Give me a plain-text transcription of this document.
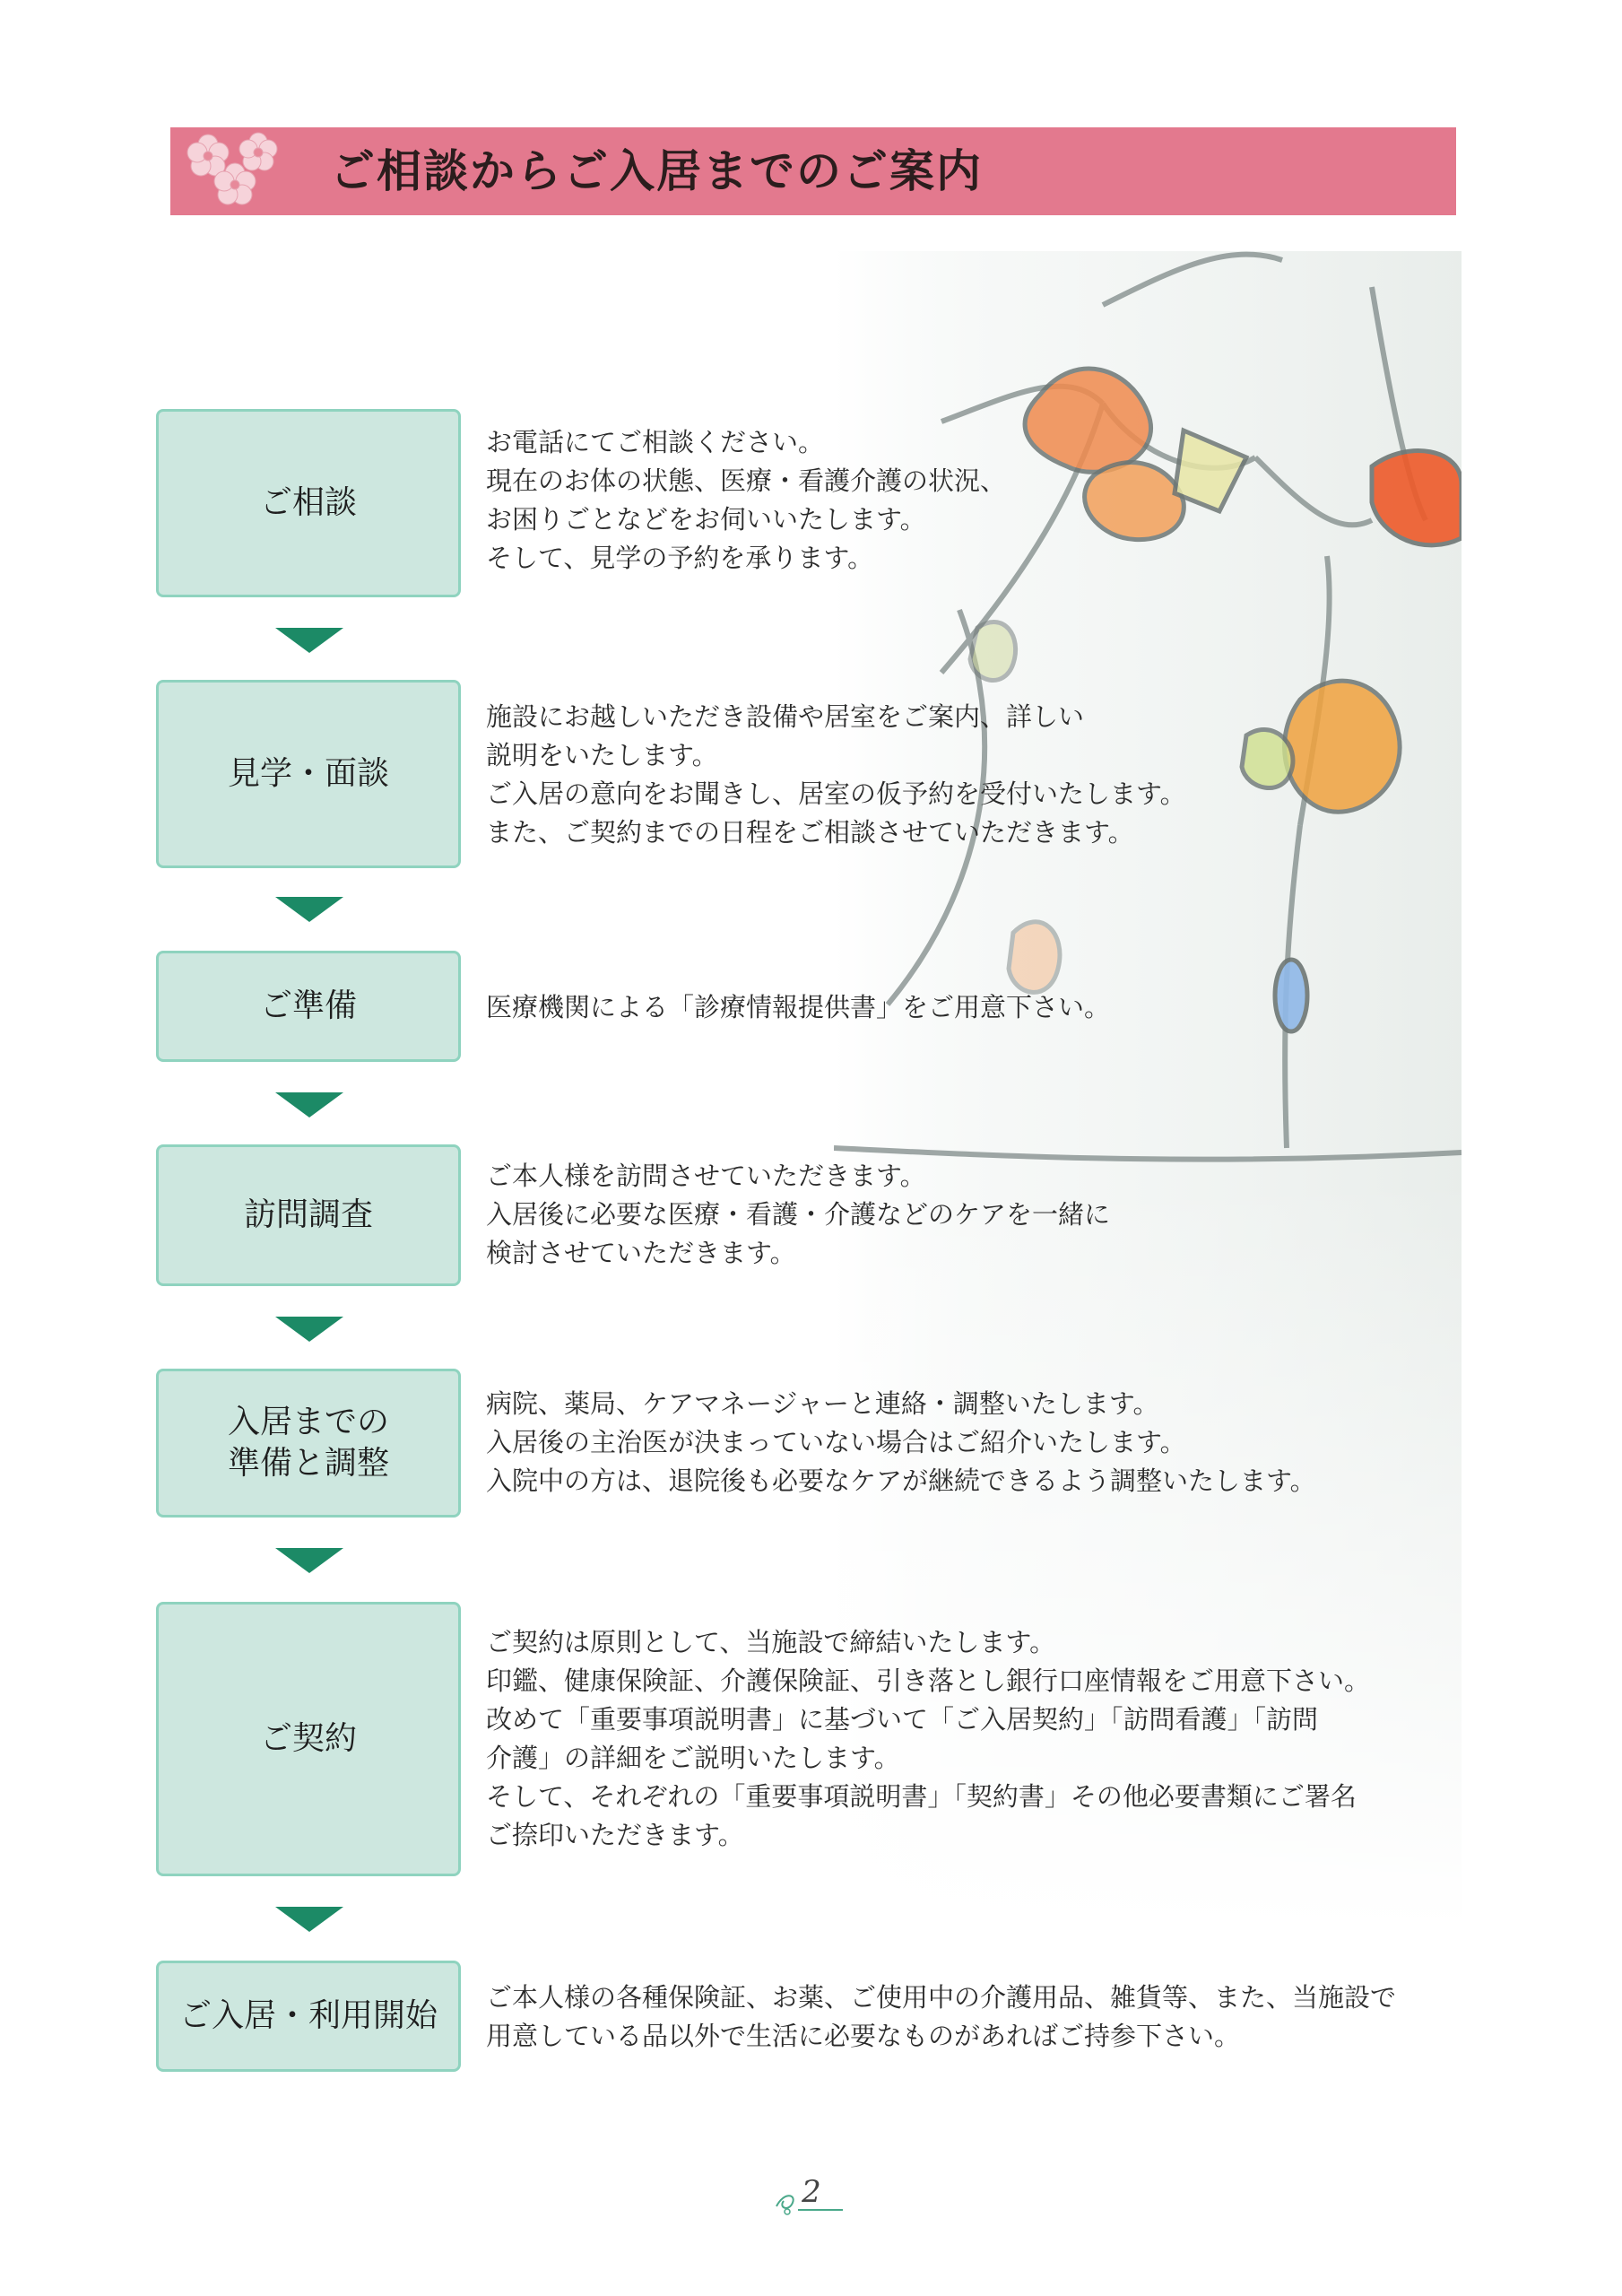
ご相談からご入居までのご案内
ご相談
お電話にてご相談ください。
現在のお体の状態、医療・看護介護の状況、
お困りごとなどをお伺いいたします。
そして、見学の予約を承ります。
見学・面談
施設にお越しいただき設備や居室をご案内、詳しい
説明をいたします。
ご入居の意向をお聞きし、居室の仮予約を受付いたします。
また、ご契約までの日程をご相談させていただきます。
ご準備	医療機関による「診療情報提供書」をご用意下さい。
訪問調査
ご本人様を訪問させていただきます。
入居後に必要な医療・看護・介護などのケアを一緒に
検討させていただきます。
入居までの
準備と調整
病院、薬局、ケアマネージャーと連絡・調整いたします。
入居後の主治医が決まっていない場合はご紹介いたします。
入院中の方は、退院後も必要なケアが継続できるよう調整いたします。
ご契約
ご契約は原則として、当施設で締結いたします。
印鑑、健康保険証、介護保険証、引き落とし銀行口座情報をご用意下さい。
改めて「重要事項説明書」に基づいて「ご入居契約」「訪問看護」「訪問
介護」の詳細をご説明いたします。
そして、それぞれの「重要事項説明書」「契約書」その他必要書類にご署名
ご捺印いただきます。
ご入居・利用開始	ご本人様の各種保険証、お薬、ご使用中の介護用品、雑貨等、また、当施設で
用意している品以外で生活に必要なものがあればご持参下さい。
2
